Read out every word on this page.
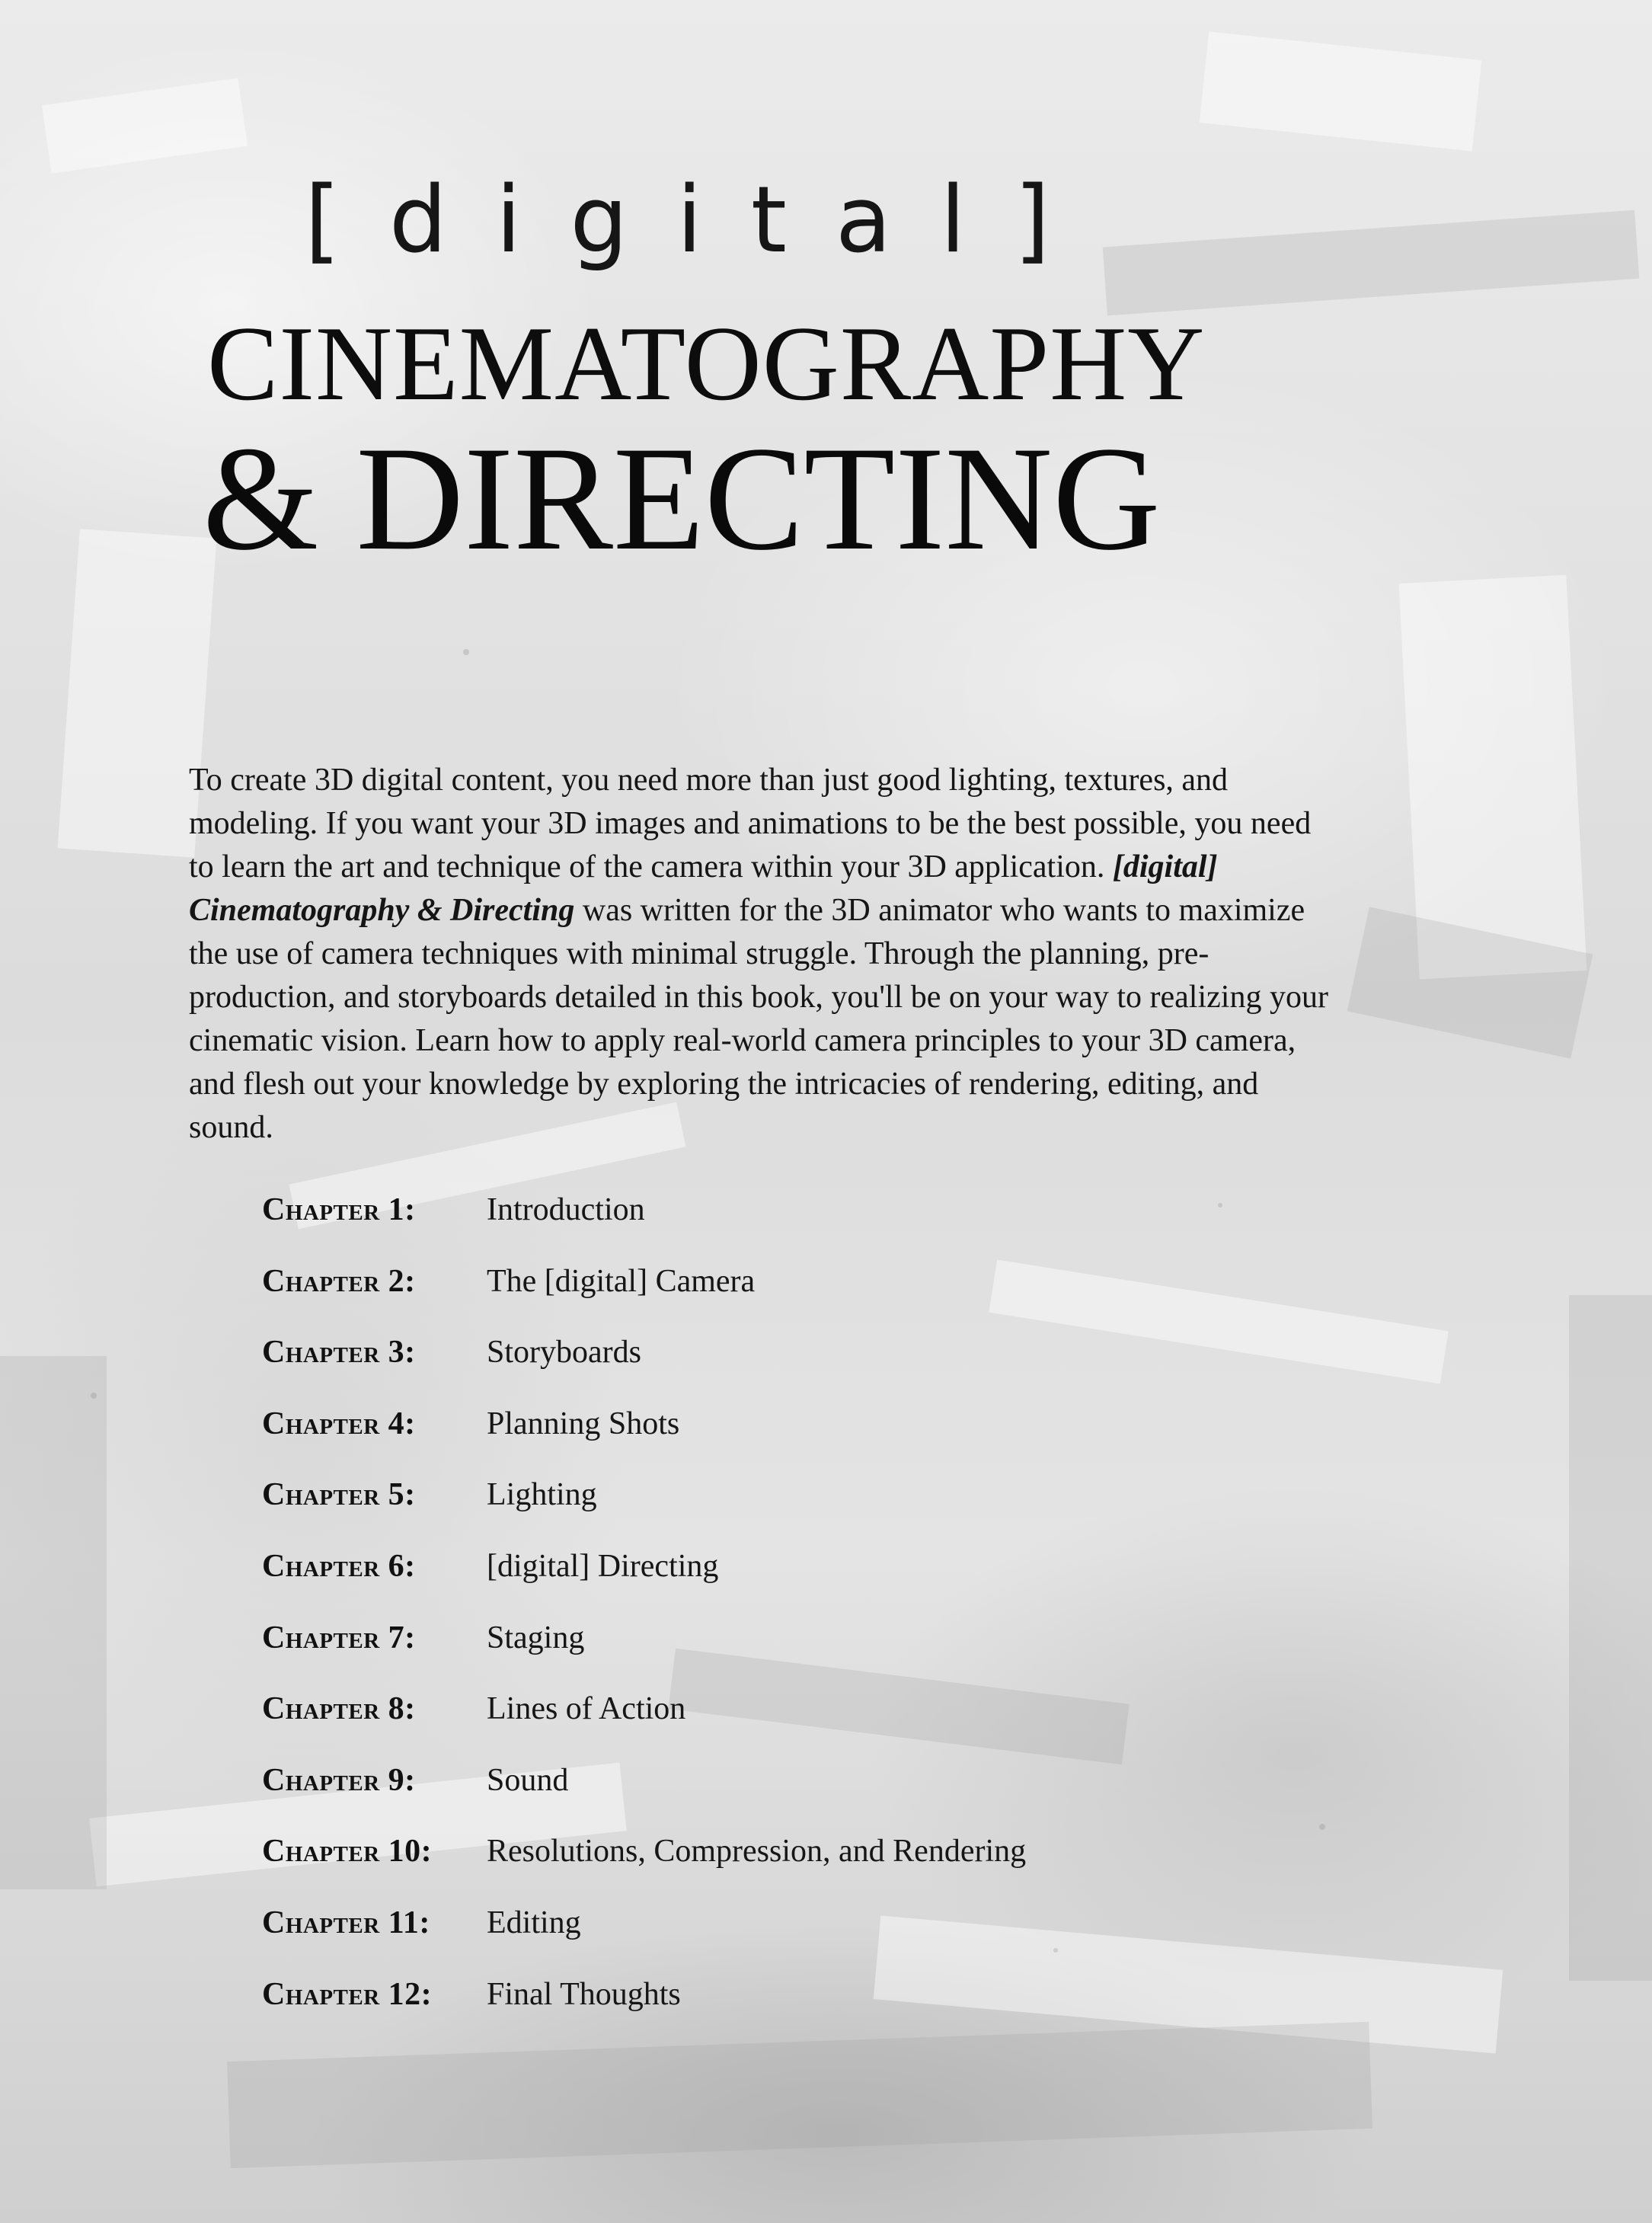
[digital]
CINEMATOGRAPHY
& DIRECTING

To create 3D digital content, you need more than just good lighting, textures, and modeling. If you want your 3D images and animations to be the best possible, you need to learn the art and technique of the camera within your 3D application. [digital] Cinematography & Directing was written for the 3D animator who wants to maximize the use of camera techniques with minimal struggle. Through the planning, pre-production, and storyboards detailed in this book, you'll be on your way to realizing your cinematic vision. Learn how to apply real-world camera principles to your 3D camera, and flesh out your knowledge by exploring the intricacies of rendering, editing, and sound.

Chapter 1: Introduction
Chapter 2: The [digital] Camera
Chapter 3: Storyboards
Chapter 4: Planning Shots
Chapter 5: Lighting
Chapter 6: [digital] Directing
Chapter 7: Staging
Chapter 8: Lines of Action
Chapter 9: Sound
Chapter 10: Resolutions, Compression, and Rendering
Chapter 11: Editing
Chapter 12: Final Thoughts
